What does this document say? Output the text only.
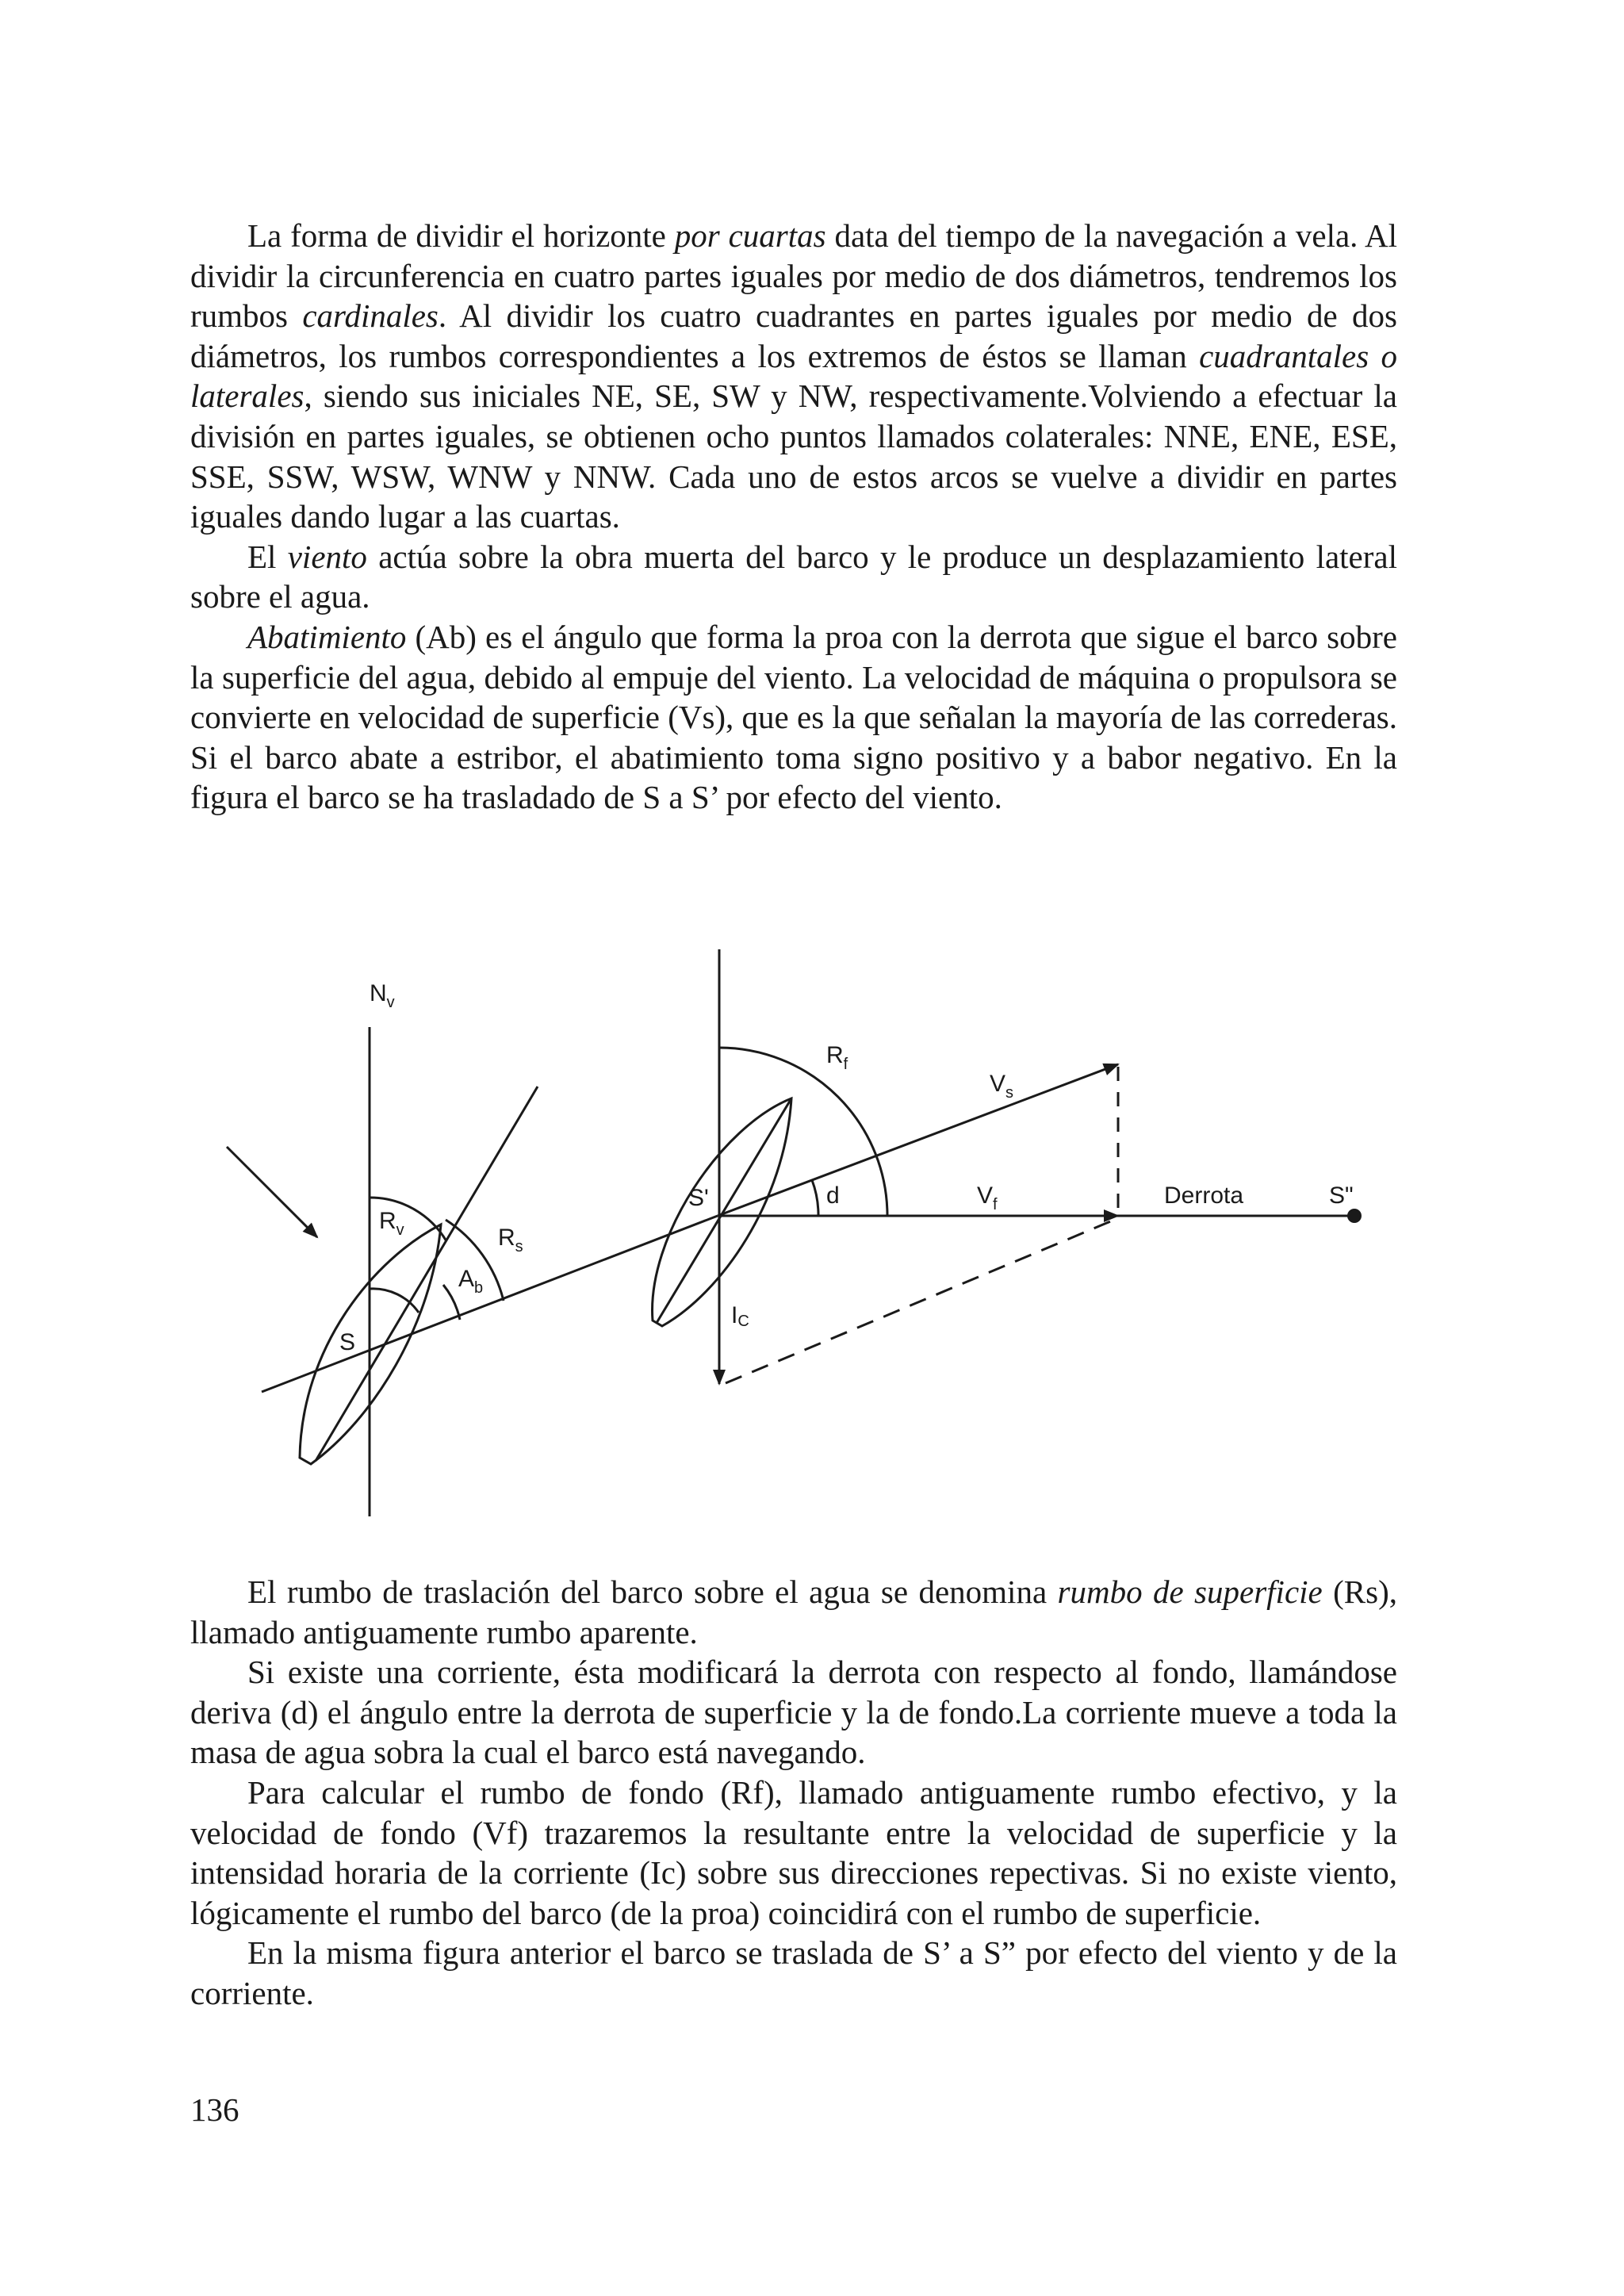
La forma de dividir el horizonte por cuartas data del tiempo de la navegación a vela. Al dividir la circunferencia en cuatro partes iguales por medio de dos diámetros, tendremos los rumbos cardinales. Al dividir los cuatro cuadrantes en partes iguales por medio de dos diámetros, los rumbos correspondientes a los extremos de éstos se llaman cuadrantales o laterales, siendo sus iniciales NE, SE, SW y NW, respectivamente.Volviendo a efectuar la división en partes iguales, se obtienen ocho puntos llamados colaterales: NNE, ENE, ESE, SSE, SSW, WSW, WNW y NNW. Cada uno de estos arcos se vuelve a dividir en partes iguales dando lugar a las cuartas.

El viento actúa sobre la obra muerta del barco y le produce un desplazamiento lateral sobre el agua.

Abatimiento (Ab) es el ángulo que forma la proa con la derrota que sigue el barco sobre la superficie del agua, debido al empuje del viento. La velocidad de máquina o propulsora se convierte en velocidad de superficie (Vs), que es la que señalan la mayoría de las correderas. Si el barco abate a estribor, el abatimiento toma signo positivo y a babor negativo. En la figura el barco se ha trasladado de S a S’ por efecto del viento.

$N_v$
$R_v$	$R_s$
$A_b$
S
S'
$R_f$
$V_s$
d	$V_f$	Derrota	S"
IC

El rumbo de traslación del barco sobre el agua se denomina rumbo de superficie (Rs), llamado antiguamente rumbo aparente.

Si existe una corriente, ésta modificará la derrota con respecto al fondo, llamándose deriva (d) el ángulo entre la derrota de superficie y la de fondo.La corriente mueve a toda la masa de agua sobra la cual el barco está navegando.

Para calcular el rumbo de fondo (Rf), llamado antiguamente rumbo efectivo, y la velocidad de fondo (Vf) trazaremos la resultante entre la velocidad de superficie y la intensidad horaria de la corriente (Ic) sobre sus direcciones repectivas. Si no existe viento, lógicamente el rumbo del barco (de la proa) coincidirá con el rumbo de superficie.

En la misma figura anterior el barco se traslada de S’ a S” por efecto del viento y de la corriente.

136
